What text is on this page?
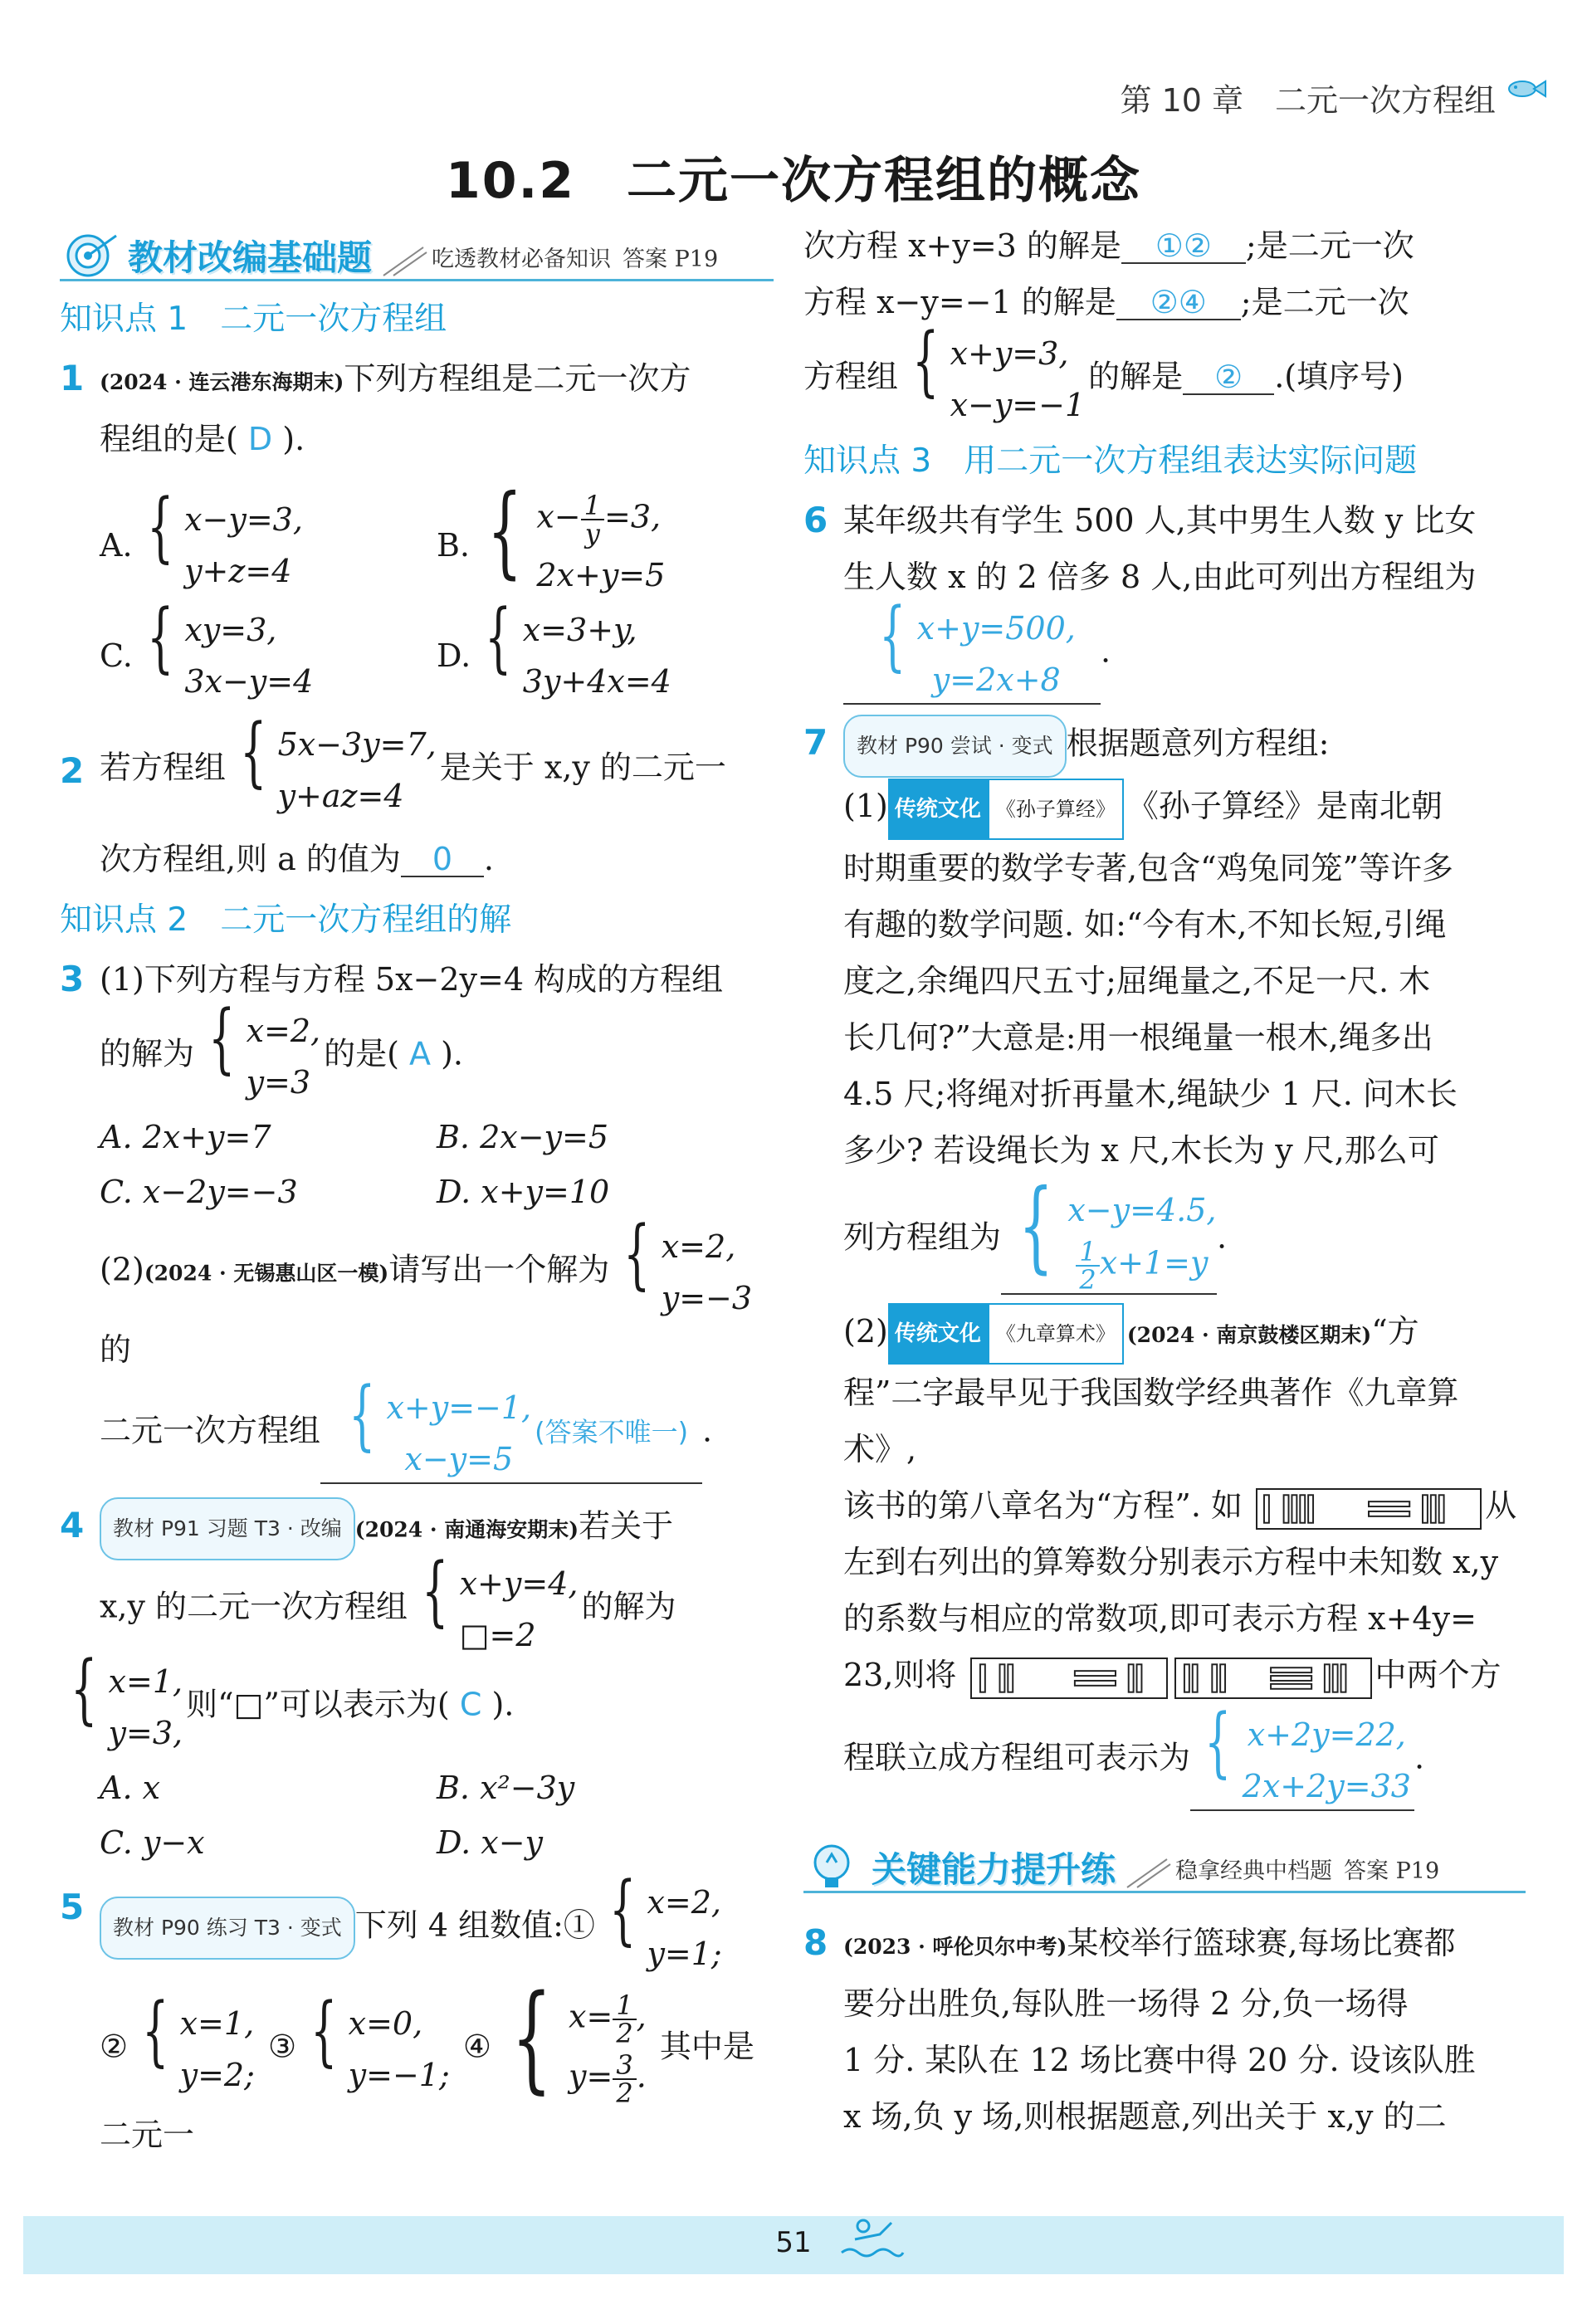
第 10 章　二元一次方程组
10.2　二元一次方程组的概念
教材改编基础题	吃透教材必备知识 答案 P19
知识点 1　二元一次方程组
1 (2024 · 连云港东海期末)下列方程组是二元一次方
程组的是( D ).
A. { x−y=3,
y+z=4
B. { $x- \frac{1}{y} =3$,
2x+y=5
C. { xy=3,
3x−y=4
D. { x=3+y,
3y+4x=4
2 若方程组 { 5x−3y=7,
y+az=4
是关于 x,y 的二元一
次方程组,则 a 的值为 0 .
知识点 2　二元一次方程组的解
3 (1)下列方程与方程 5x−2y=4 构成的方程组
的解为 { x=2,
y=3
的是( A ).
A. 2x+y=7	B. 2x−y=5
C. x−2y=−3	D. x+y=10
(2)(2024 · 无锡惠山区一模)请写出一个解为 { x=2,
y=−3
的
二元一次方程组 { x+y=−1,
x−y=5
(答案不唯一) .
4	教材 P91 习题 T3 · 改编 (2024 · 南通海安期末)若关于
x,y 的二元一次方程组 { x+y=4,
□=2
的解为
{ x=1,
y=3,
则“□”可以表示为( C ).
A. x	B. x²−3y
C. y−x	D. x−y
5
教材 P90 练习 T3 · 变式 下列 4 组数值:① { x=2,
y=1;
② { x=1,
y=2;
③ { x=0,
y=−1;
④ { $x= \frac{1}{2}$ ,
$y= \frac{3}{2}$ .
其中是二元一
次方程 x+y=3 的解是 ①② ;是二元一次
方程 x−y=−1 的解是 ②④ ;是二元一次
方程组 { x+y=3,
x−y=−1
的解是 ② .(填序号)
知识点 3　用二元一次方程组表达实际问题
6 某年级共有学生 500 人,其中男生人数 y 比女
生人数 x 的 2 倍多 8 人,由此可列出方程组为
{ x+y=500,
y=2x+8
.
7	教材 P90 尝试 · 变式 根据题意列方程组:
(1) 传统文化 《孙子算经》 《孙子算经》是南北朝
时期重要的数学专著,包含“鸡兔同笼”等许多
有趣的数学问题. 如:“今有木,不知长短,引绳
度之,余绳四尺五寸;屈绳量之,不足一尺. 木
长几何?”大意是:用一根绳量一根木,绳多出
4.5 尺;将绳对折再量木,绳缺少 1 尺. 问木长
多少? 若设绳长为 x 尺,木长为 y 尺,那么可
列方程组为 { x−y=4.5,
$\frac{1}{2} x+1=y$
.
(2) 传统文化 《九章算术》 (2024 · 南京鼓楼区期末)“方
程”二字最早见于我国数学经典著作《九章算术》,
该书的第八章名为“方程”. 如	从
左到右列出的算筹数分别表示方程中未知数 x,y
的系数与相应的常数项,即可表示方程 x+4y=
23,则将	中两个方
程联立成方程组可表示为 { x+2y=22,
2x+2y=33
.
关键能力提升练	稳拿经典中档题 答案 P19
8 (2023 · 呼伦贝尔中考)某校举行篮球赛,每场比赛都
要分出胜负,每队胜一场得 2 分,负一场得
1 分. 某队在 12 场比赛中得 20 分. 设该队胜
x 场,负 y 场,则根据题意,列出关于 x,y 的二
51
